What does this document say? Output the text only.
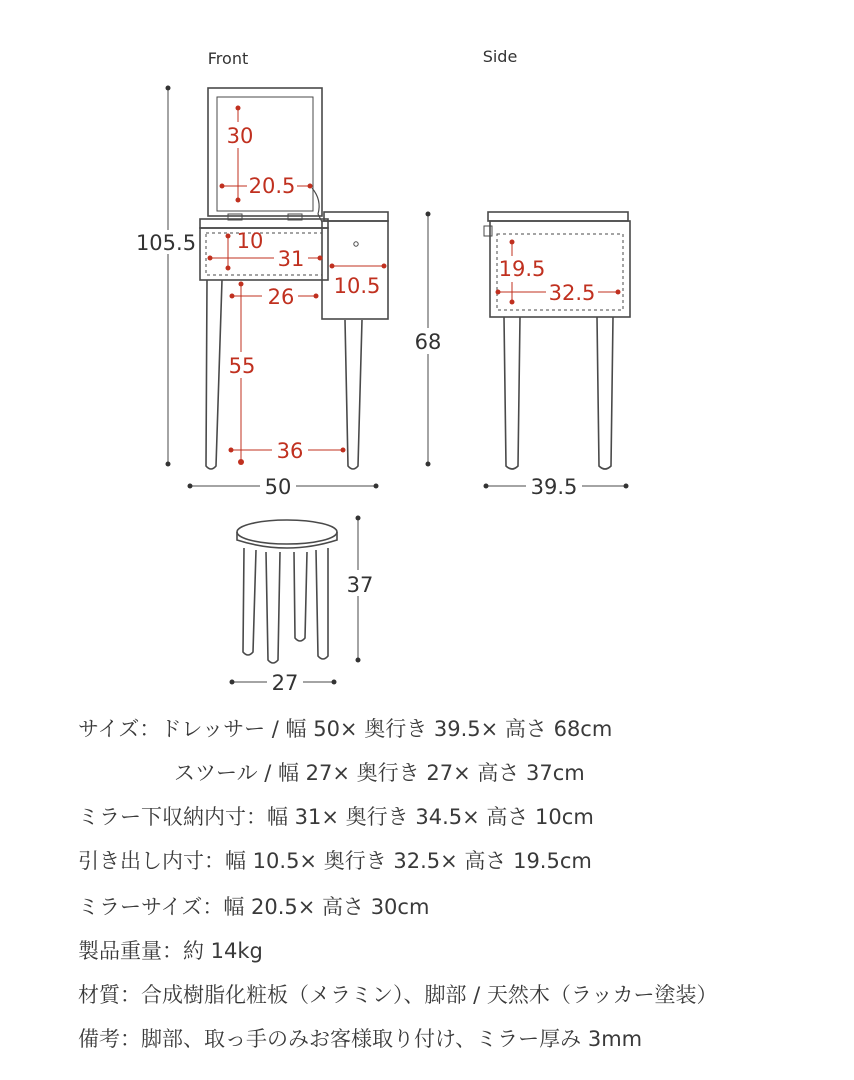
Front	Side
105.5
30
20.5
10
31
10.5
26
55
36
50
68
19.5
32.5
39.5
37
27
サイズ：ドレッサー / 幅 50× 奥行き 39.5× 高さ 68cm
スツール / 幅 27× 奥行き 27× 高さ 37cm
ミラー下収納内寸：幅 31× 奥行き 34.5× 高さ 10cm
引き出し内寸：幅 10.5× 奥行き 32.5× 高さ 19.5cm
ミラーサイズ：幅 20.5× 高さ 30cm
製品重量：約 14kg
材質：合成樹脂化粧板（メラミン）、脚部 / 天然木（ラッカー塗装）
備考：脚部、取っ手のみお客様取り付け、ミラー厚み 3mm
